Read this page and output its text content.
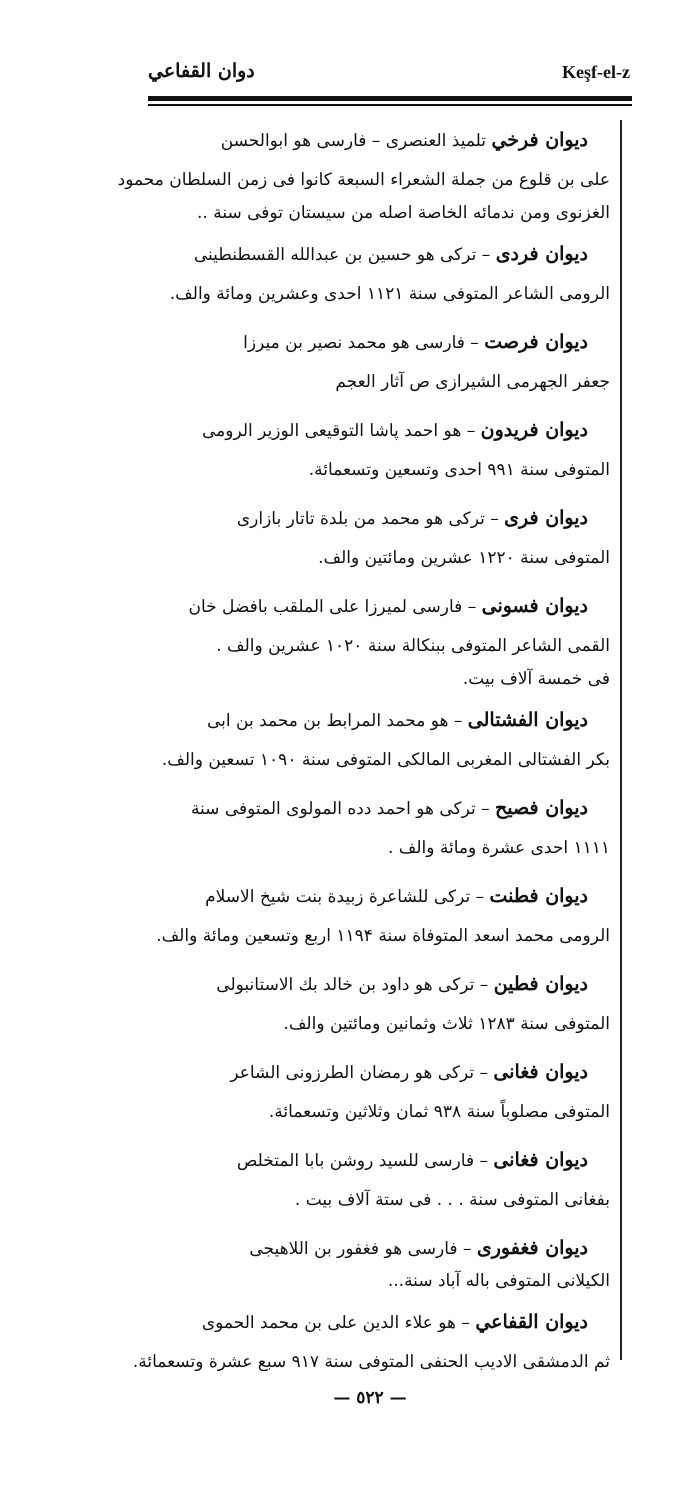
دوان القفاعي	Keşf-el-z
ديوان فرخي تلمیذ العنصری – فارسی هو ابوالحسن
علی بن قلوع من جملة الشعراء السبعة كانوا فی زمن السلطان محمود
الغزنوی ومن ندمائه الخاصة اصله من سیستان توفی سنة ..
ديوان فردی – ترکی هو حسین بن عبدالله القسطنطینی
الرومی الشاعر المتوفی سنة ۱۱۲۱ احدی وعشرین ومائة والف.
ديوان فرصت – فارسی هو محمد نصیر بن میرزا
جعفر الجهرمی الشیرازی ص آثار العجم
ديوان فريدون – هو احمد پاشا التوقیعی الوزیر الرومی
المتوفی سنة ۹۹۱ احدی وتسعین وتسعمائة.
ديوان فری – ترکی هو محمد من بلدة تاتار بازاری
المتوفی سنة ۱۲۲۰ عشرین ومائتین والف.
ديوان فسونی – فارسی لمیرزا علی الملقب بافضل خان
القمی الشاعر المتوفی ببنکالة سنة ۱۰۲۰ عشرین والف .
فی خمسة آلاف بیت.
ديوان الفشتالی – هو محمد المرابط بن محمد بن ابی
بکر الفشتالی المغربی المالکی المتوفی سنة ۱۰۹۰ تسعین والف.
ديوان فصيح – ترکی هو احمد دده المولوی المتوفی سنة
۱۱۱۱ احدی عشرة ومائة والف .
ديوان فطنت – ترکی للشاعرة زبیدة بنت شیخ الاسلام
الرومی محمد اسعد المتوفاة سنة ۱۱۹۴ اربع وتسعین ومائة والف.
ديوان فطين – ترکی هو داود بن خالد بك الاستانبولی
المتوفی سنة ۱۲۸۳ ثلاث وثمانین ومائتین والف.
ديوان فغانی – ترکی هو رمضان الطرزونی الشاعر
المتوفی مصلوباً سنة ۹۳۸ ثمان وثلاثین وتسعمائة.
ديوان فغانی – فارسی للسید روشن بابا المتخلص
بفغانی المتوفی سنة . . . فی ستة آلاف بیت .
ديوان فغفوری – فارسی هو فغفور بن اللاهیجی
الکیلانی المتوفی باله آباد سنة...
ديوان القفاعي – هو علاء الدین علی بن محمد الحموی
ثم الدمشقی الادیب الحنفی المتوفی سنة ۹۱۷ سبع عشرة وتسعمائة.
— ٥٢٢ —
